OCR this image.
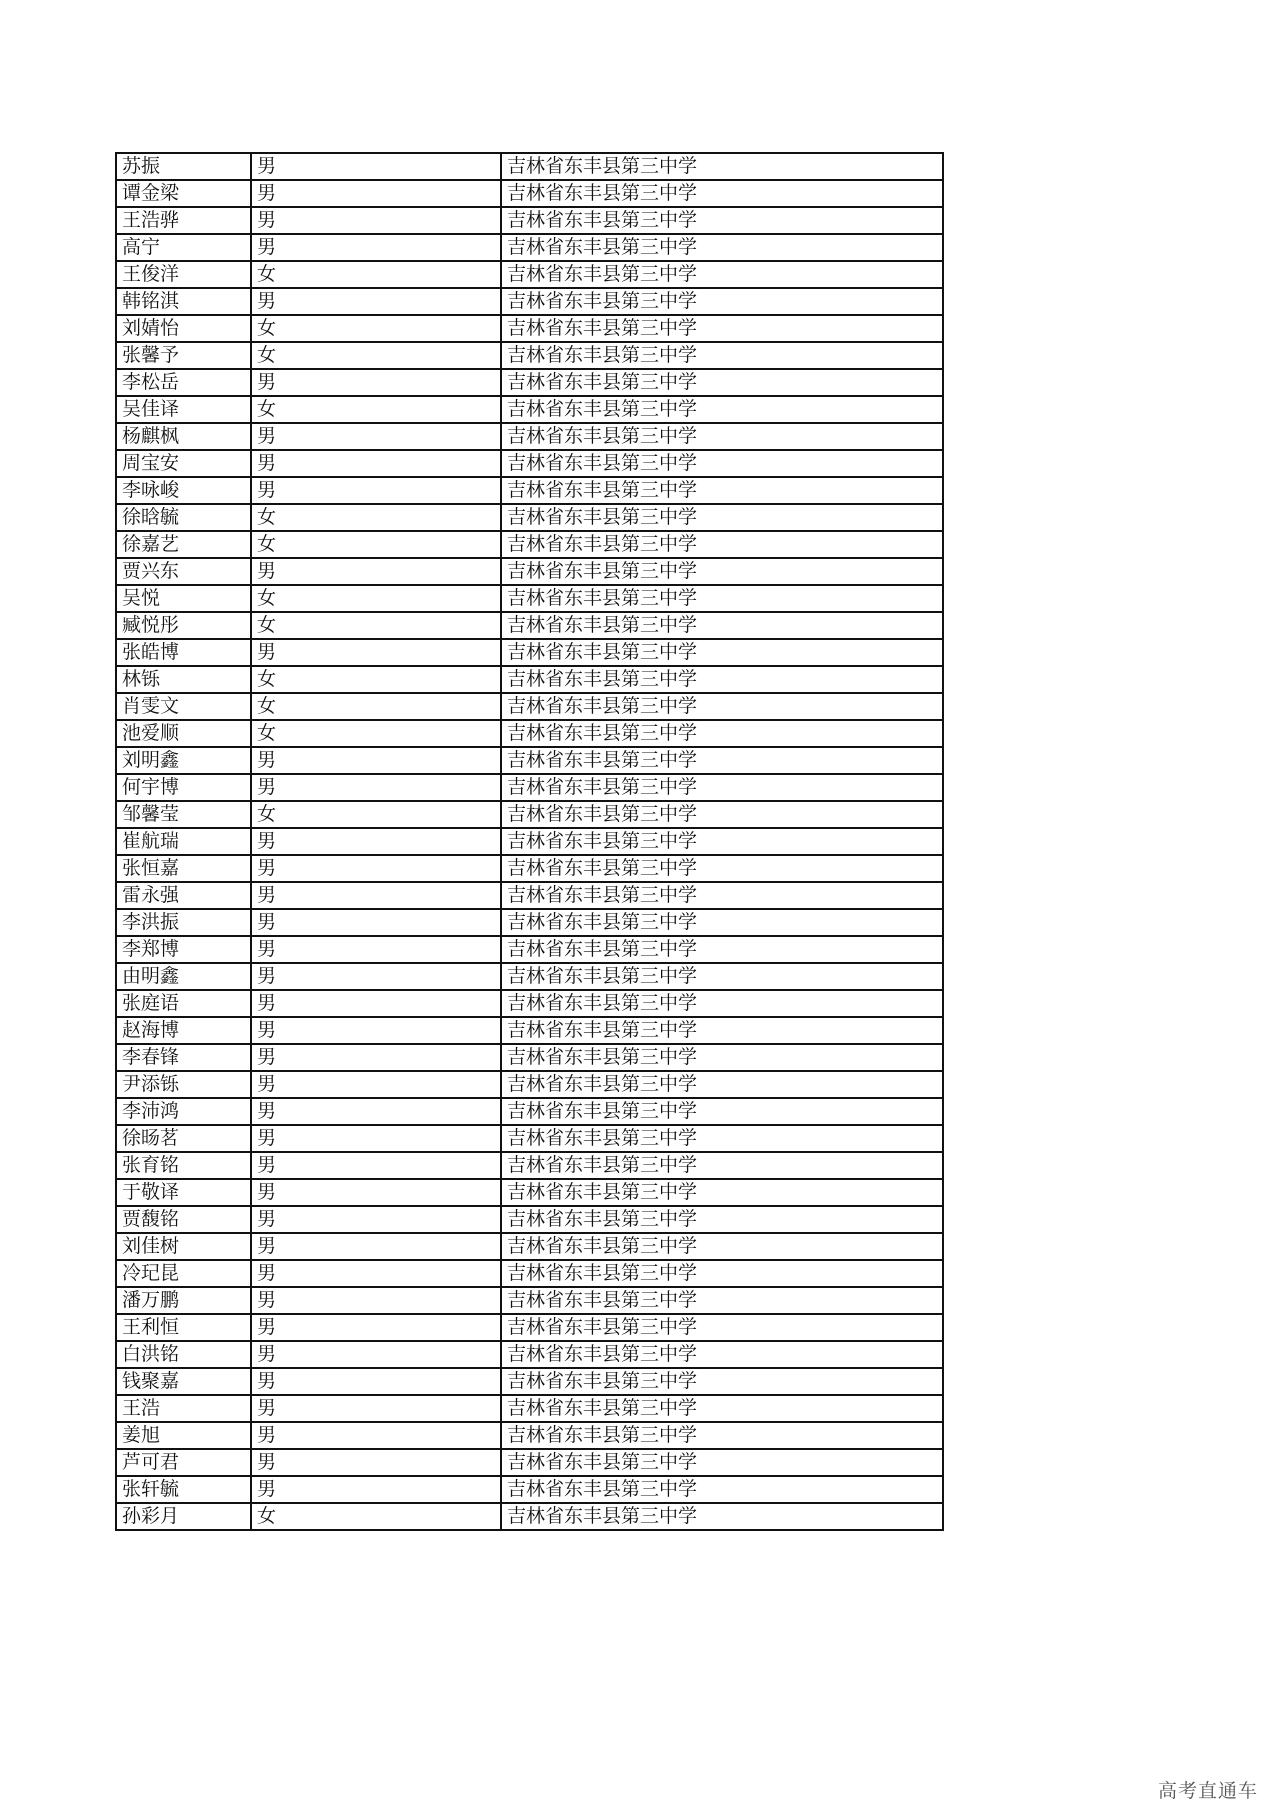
苏振	男	吉林省东丰县第三中学
谭金梁	男	吉林省东丰县第三中学
王浩骅	男	吉林省东丰县第三中学
高宁	男	吉林省东丰县第三中学
王俊洋	女	吉林省东丰县第三中学
韩铭淇	男	吉林省东丰县第三中学
刘婧怡	女	吉林省东丰县第三中学
张馨予	女	吉林省东丰县第三中学
李松岳	男	吉林省东丰县第三中学
吴佳译	女	吉林省东丰县第三中学
杨麒枫	男	吉林省东丰县第三中学
周宝安	男	吉林省东丰县第三中学
李咏峻	男	吉林省东丰县第三中学
徐晗毓	女	吉林省东丰县第三中学
徐嘉艺	女	吉林省东丰县第三中学
贾兴东	男	吉林省东丰县第三中学
吴悦	女	吉林省东丰县第三中学
臧悦彤	女	吉林省东丰县第三中学
张皓博	男	吉林省东丰县第三中学
林铄	女	吉林省东丰县第三中学
肖雯文	女	吉林省东丰县第三中学
池爱顺	女	吉林省东丰县第三中学
刘明鑫	男	吉林省东丰县第三中学
何宇博	男	吉林省东丰县第三中学
邹馨莹	女	吉林省东丰县第三中学
崔航瑞	男	吉林省东丰县第三中学
张恒嘉	男	吉林省东丰县第三中学
雷永强	男	吉林省东丰县第三中学
李洪振	男	吉林省东丰县第三中学
李郑博	男	吉林省东丰县第三中学
由明鑫	男	吉林省东丰县第三中学
张庭语	男	吉林省东丰县第三中学
赵海博	男	吉林省东丰县第三中学
李春锋	男	吉林省东丰县第三中学
尹添铄	男	吉林省东丰县第三中学
李沛鸿	男	吉林省东丰县第三中学
徐旸茗	男	吉林省东丰县第三中学
张育铭	男	吉林省东丰县第三中学
于敬译	男	吉林省东丰县第三中学
贾馥铭	男	吉林省东丰县第三中学
刘佳树	男	吉林省东丰县第三中学
冷玘昆	男	吉林省东丰县第三中学
潘万鹏	男	吉林省东丰县第三中学
王利恒	男	吉林省东丰县第三中学
白洪铭	男	吉林省东丰县第三中学
钱聚嘉	男	吉林省东丰县第三中学
王浩	男	吉林省东丰县第三中学
姜旭	男	吉林省东丰县第三中学
芦可君	男	吉林省东丰县第三中学
张轩毓	男	吉林省东丰县第三中学
孙彩月	女	吉林省东丰县第三中学
高考直通车
